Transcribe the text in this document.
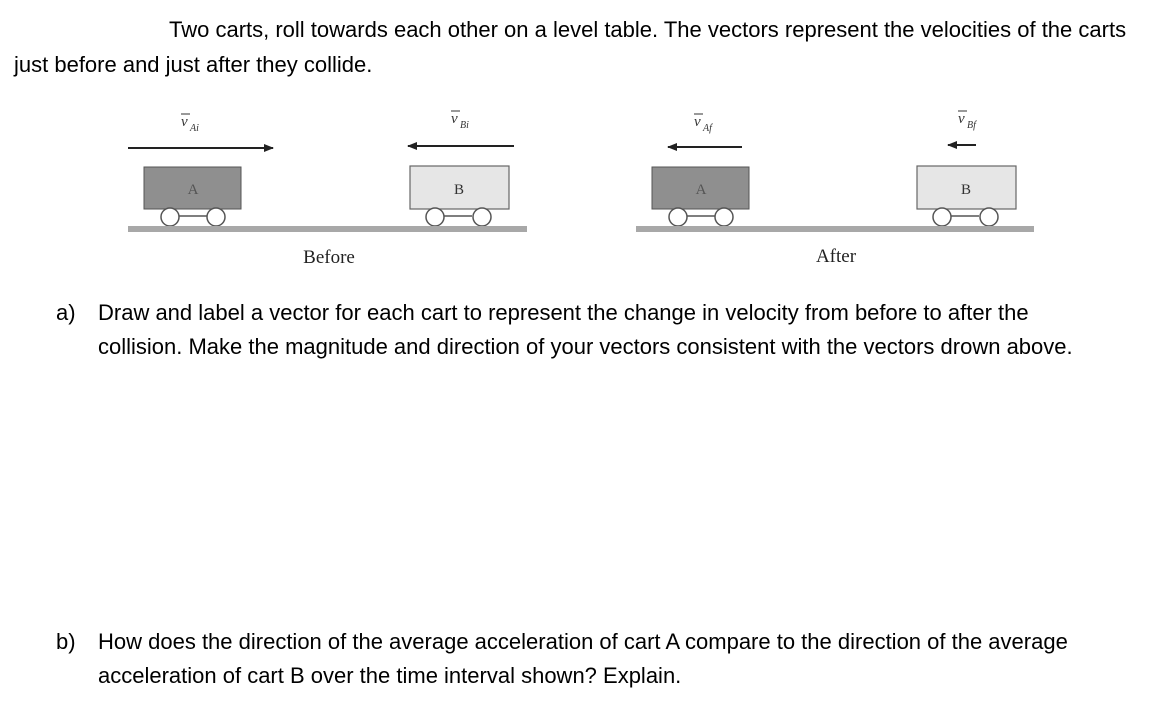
Two carts, roll towards each other on a level table. The vectors represent the velocities of the carts just before and just after they collide.

v Ai
v Bi
A	B
Before
v Af
v Bf
A	B
After
a) Draw and label a vector for each cart to represent the change in velocity from before to after the collision. Make the magnitude and direction of your vectors consistent with the vectors drown above.
b) How does the direction of the average acceleration of cart A compare to the direction of the average acceleration of cart B over the time interval shown? Explain.
